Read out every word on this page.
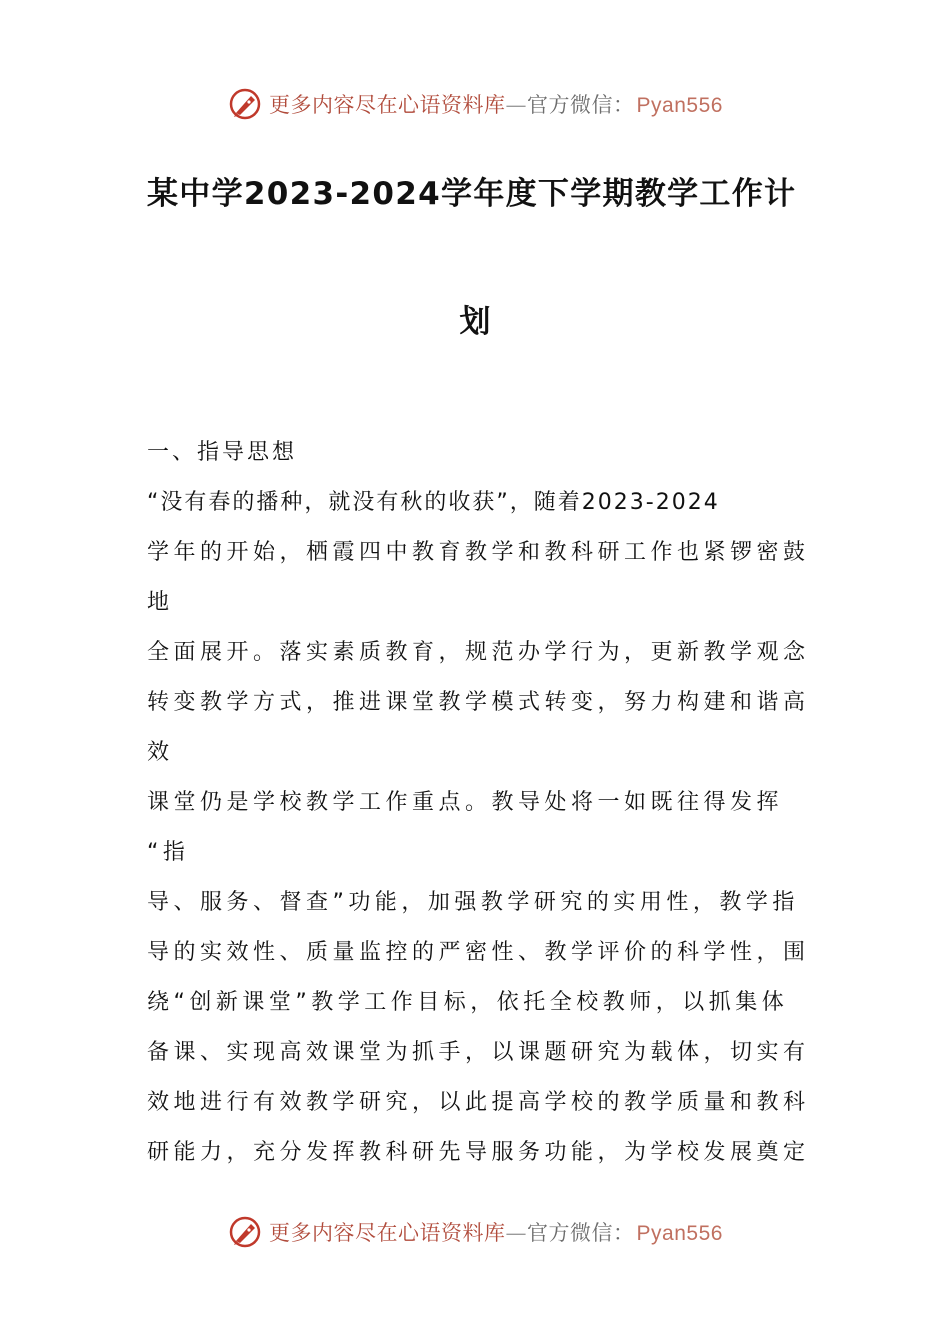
更多内容尽在心语资料库—官方微信：Pyan556
某中学2023-2024学年度下学期教学工作计
划
一、指导思想
“没有春的播种，就没有秋的收获”，随着2023-2024
学年的开始，栖霞四中教育教学和教科研工作也紧锣密鼓
地
全面展开。落实素质教育，规范办学行为，更新教学观念
转变教学方式，推进课堂教学模式转变，努力构建和谐高
效
课堂仍是学校教学工作重点。教导处将一如既往得发挥
“指
导、服务、督查”功能，加强教学研究的实用性，教学指
导的实效性、质量监控的严密性、教学评价的科学性，围
绕“创新课堂”教学工作目标，依托全校教师，以抓集体
备课、实现高效课堂为抓手，以课题研究为载体，切实有
效地进行有效教学研究，以此提高学校的教学质量和教科
研能力，充分发挥教科研先导服务功能，为学校发展奠定
更多内容尽在心语资料库—官方微信：Pyan556
